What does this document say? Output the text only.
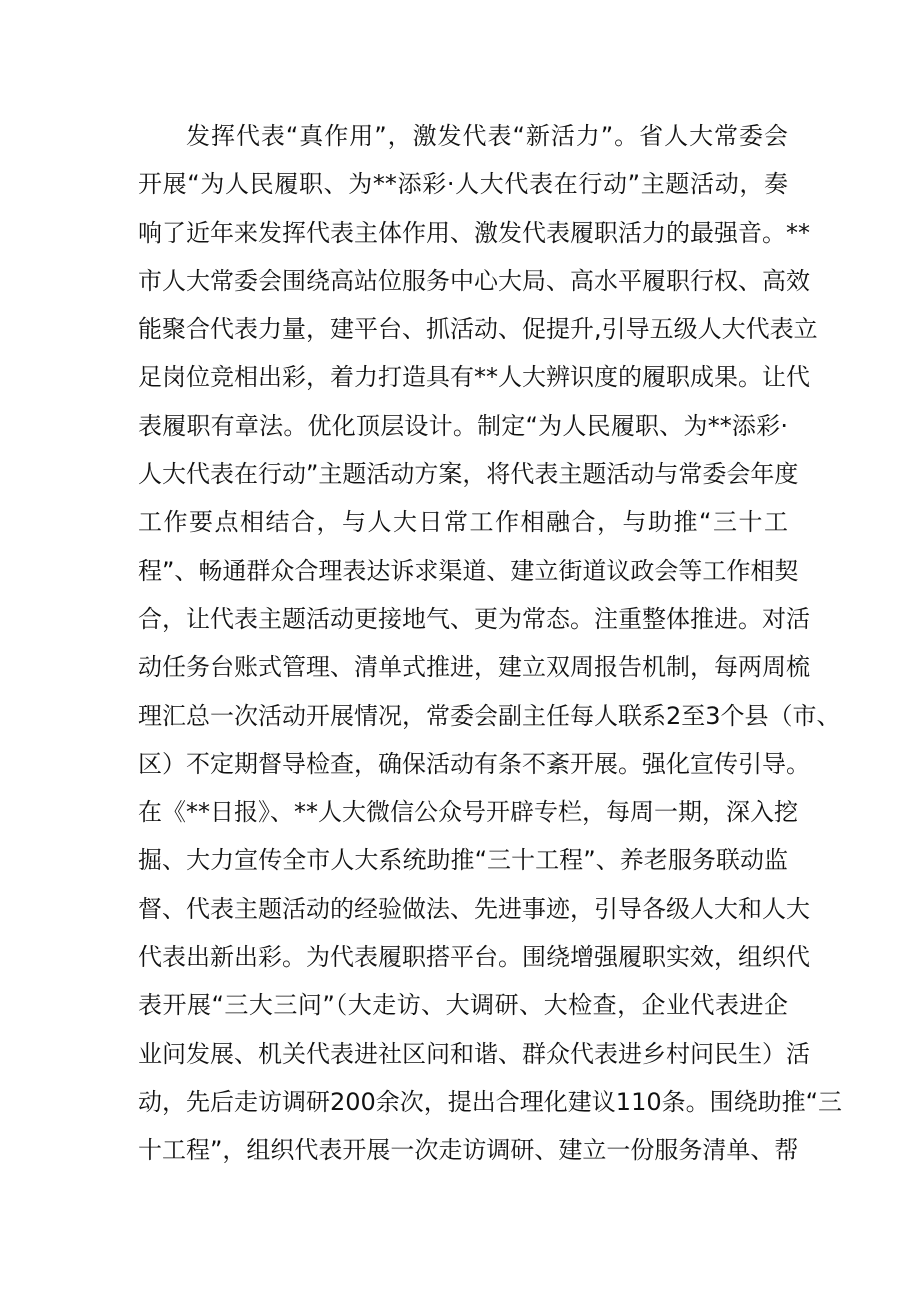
发挥代表“真作用”，激发代表“新活力”。省人大常委会
开展“为人民履职、为**添彩·人大代表在行动”主题活动，奏
响了近年来发挥代表主体作用、激发代表履职活力的最强音。**
市人大常委会围绕高站位服务中心大局、高水平履职行权、高效
能聚合代表力量，建平台、抓活动、促提升,引导五级人大代表立
足岗位竞相出彩，着力打造具有**人大辨识度的履职成果。让代
表履职有章法。优化顶层设计。制定“为人民履职、为**添彩·
人大代表在行动”主题活动方案，将代表主题活动与常委会年度
工作要点相结合，与人大日常工作相融合，与助推“三十工
程”、畅通群众合理表达诉求渠道、建立街道议政会等工作相契
合，让代表主题活动更接地气、更为常态。注重整体推进。对活
动任务台账式管理、清单式推进，建立双周报告机制，每两周梳
理汇总一次活动开展情况，常委会副主任每人联系2至3个县（市、
区）不定期督导检查，确保活动有条不紊开展。强化宣传引导。
在《**日报》、**人大微信公众号开辟专栏，每周一期，深入挖
掘、大力宣传全市人大系统助推“三十工程”、养老服务联动监
督、代表主题活动的经验做法、先进事迹，引导各级人大和人大
代表出新出彩。为代表履职搭平台。围绕增强履职实效，组织代
表开展“三大三问”（大走访、大调研、大检查，企业代表进企
业问发展、机关代表进社区问和谐、群众代表进乡村问民生）活
动，先后走访调研200余次，提出合理化建议110条。围绕助推“三
十工程”，组织代表开展一次走访调研、建立一份服务清单、帮
